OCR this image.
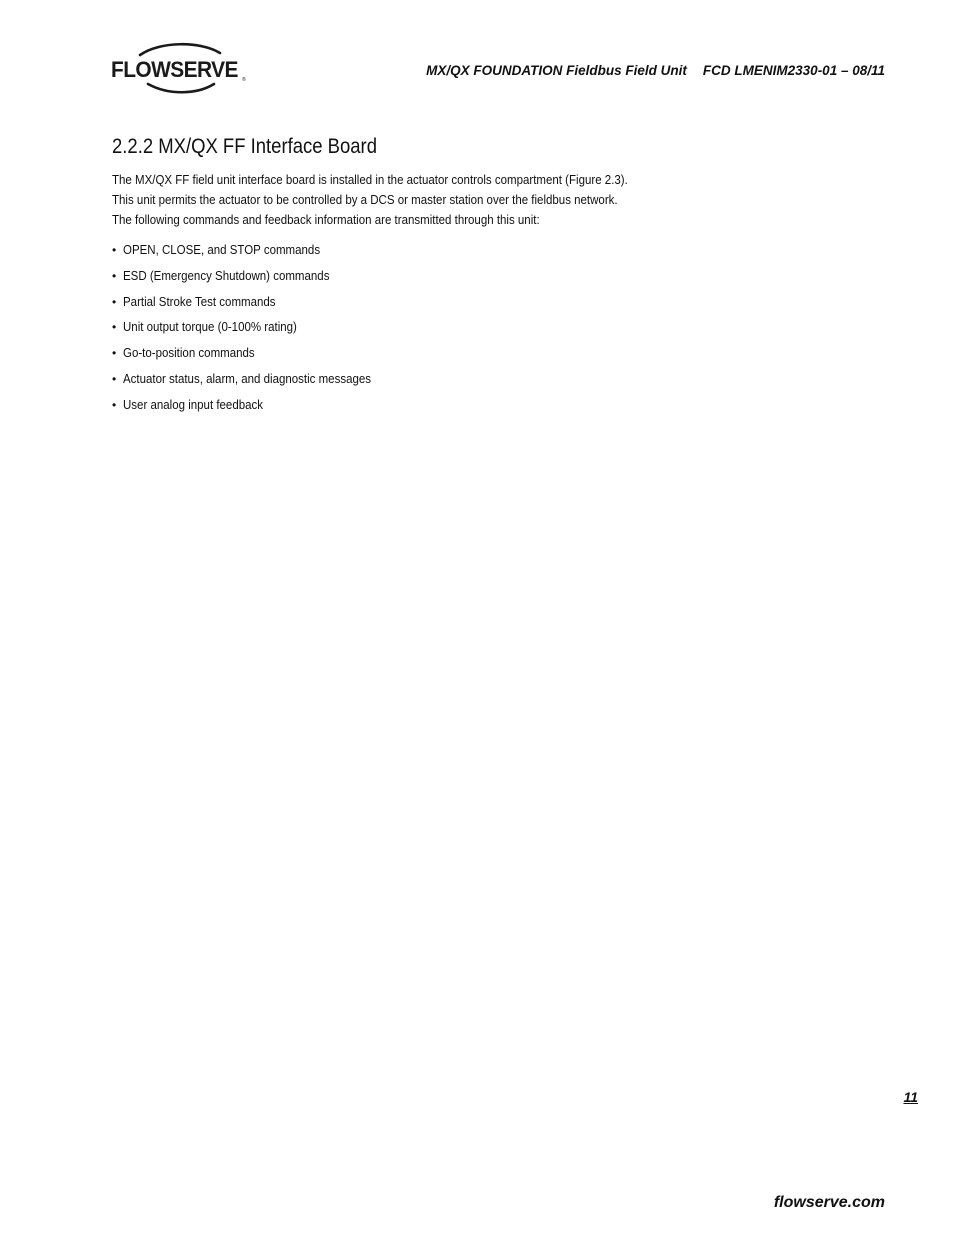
FLOWSERVE ®
MX/QX FOUNDATION Fieldbus Field Unit FCD LMENIM2330-01 – 08/11
2.2.2 MX/QX FF Interface Board

The MX/QX FF field unit interface board is installed in the actuator controls compartment (Figure 2.3).
This unit permits the actuator to be controlled by a DCS or master station over the fieldbus network.
The following commands and feedback information are transmitted through this unit:

• OPEN, CLOSE, and STOP commands
• ESD (Emergency Shutdown) commands
• Partial Stroke Test commands
• Unit output torque (0-100% rating)
• Go-to-position commands
• Actuator status, alarm, and diagnostic messages
• User analog input feedback
11
flowserve.com
